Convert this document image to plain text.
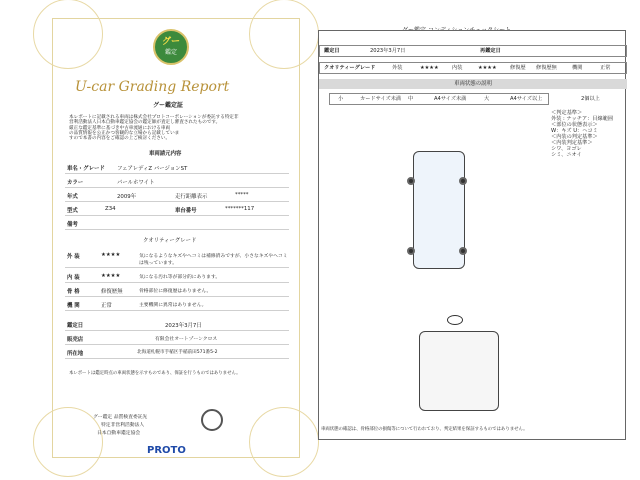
グー
鑑定
U-car Grading Report
グー鑑定証
本レポートに記載される車両は株式会社プロトコーポレーションが委託する特定非
営利活動法人日本自動車鑑定協会の鑑定師が査定し審査されたものです。
厳正な鑑定基準に基づき中古車流通における車両
の品質情報を公正かつ客観的な立場から記載していま
すので本書の内容をご確認の上ご検討ください。
車両請元内容
車名・グレード フェアレディZ バージョンST
カラー	パールホワイト
年式	2009年	走行距離表示	*****
型式	Z34	車台番号	*******117
備考
クオリティーグレード
外 装	★★★★	気になるようなキズやヘコミは補修済みですが、小さなキズやヘコミは残っています。
内 装	★★★★	気になる汚れ等が部分的にあります。
骨 格	修復歴無	骨格部位に修復歴はありません。
機 関	正常	主要機関に異常はありません。
鑑定日	2023年3月7日
販売店	有限会社オートゾーンクロス
所在地	北海道札幌市手稲区手稲前田571番5-2
本レポートは鑑定時点の車両状態を示すものであり、保証を行うものではありません。
グー鑑定 品質検査委託先
特定非営利活動法人
日本自動車鑑定協会
PROTO
鑑定日	2023年3月7日	再鑑定日
クオリティーグレード	外装	★★★★	内装	★★★★	修復歴 修復歴無	機関	正常
車両状態の説明
小	カードサイズ未満 中	A4サイズ未満	大	A4サイズ以上	2個以上
＜判定基準＞
外装 : ナッチア：目線範囲
＜部位の状態表示＞
W：キズ U：ヘコミ
＜内装の判定基準＞
＜内装判定基準＞
シワ、ヨゴレ
シミ、ニオイ
車両状態の確認は、骨格部位の損傷等について行われており、判定結果を保証するものではありません。
